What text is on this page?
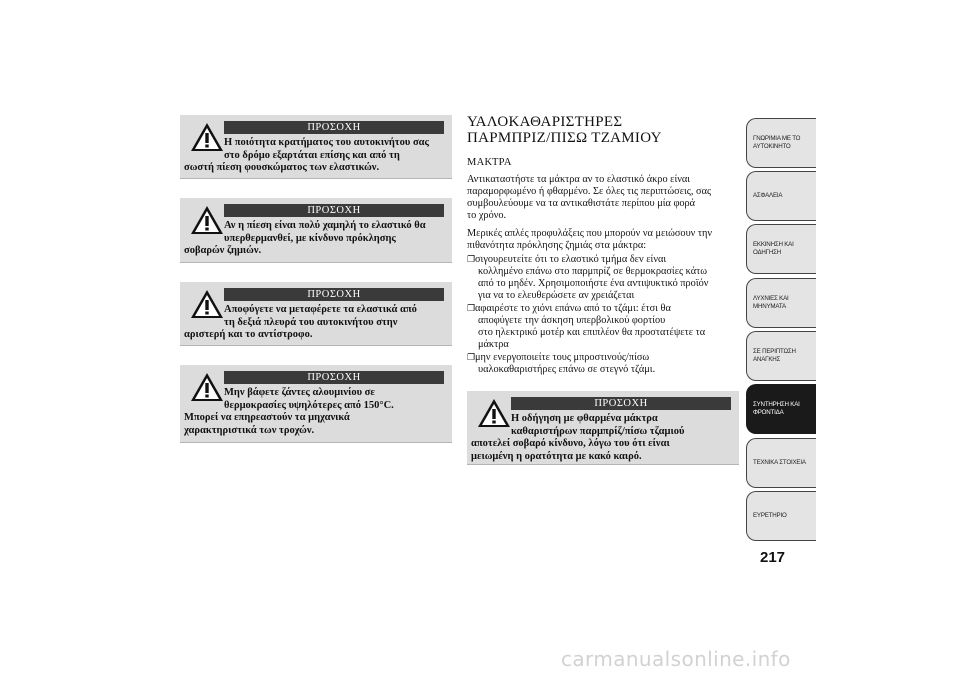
ΠΡΟΣΟΧΗ
Η ποιότητα κρατήματος του αυτοκινήτου σας
στο δρόμο εξαρτάται επίσης και από τη
σωστή πίεση φουσκώματος των ελαστικών.
ΠΡΟΣΟΧΗ
Αν η πίεση είναι πολύ χαμηλή το ελαστικό θα
υπερθερμανθεί, με κίνδυνο πρόκλησης
σοβαρών ζημιών.
ΠΡΟΣΟΧΗ
Αποφύγετε να μεταφέρετε τα ελαστικά από
τη δεξιά πλευρά του αυτοκινήτου στην
αριστερή και το αντίστροφο.
ΠΡΟΣΟΧΗ
Μην βάφετε ζάντες αλουμινίου σε
θερμοκρασίες υψηλότερες από 150°C.
Μπορεί να επηρεαστούν τα μηχανικά
χαρακτηριστικά των τροχών.
ΥΑΛΟΚΑΘΑΡΙΣΤΗΡΕΣ
ΠΑΡΜΠΡΙΖ/ΠΙΣΩ ΤΖΑΜΙΟΥ
ΜΑΚΤΡΑ
Αντικαταστήστε τα μάκτρα αν το ελαστικό άκρο είναι
παραμορφωμένο ή φθαρμένο. Σε όλες τις περιπτώσεις, σας
συμβουλεύουμε να τα αντικαθιστάτε περίπου μία φορά
το χρόνο.
Μερικές απλές προφυλάξεις που μπορούν να μειώσουν την
πιθανότητα πρόκλησης ζημιάς στα μάκτρα:
❐σιγουρευτείτε ότι το ελαστικό τμήμα δεν είναι
κολλημένο επάνω στο παρμπρίζ σε θερμοκρασίες κάτω
από το μηδέν. Χρησιμοποιήστε ένα αντιψυκτικό προϊόν
για να το ελευθερώσετε αν χρειάζεται
❐αφαιρέστε το χιόνι επάνω από το τζάμι: έτσι θα
αποφύγετε την άσκηση υπερβολικού φορτίου
στο ηλεκτρικό μοτέρ και επιπλέον θα προστατέψετε τα
μάκτρα
❐μην ενεργοποιείτε τους μπροστινούς/πίσω
υαλοκαθαριστήρες επάνω σε στεγνό τζάμι.
ΠΡΟΣΟΧΗ
Η οδήγηση με φθαρμένα μάκτρα
καθαριστήρων παρμπρίζ/πίσω τζαμιού
αποτελεί σοβαρό κίνδυνο, λόγω του ότι είναι
μειωμένη η ορατότητα με κακό καιρό.
ΓΝΩΡΙΜΙΑ ΜΕ ΤΟ
ΑΥΤΟΚΙΝΗΤΟ
ΑΣΦΑΛΕΙΑ
ΕΚΚΙΝΗΣΗ ΚΑΙ
ΟΔΗΓΗΣΗ
ΛΥΧΝΙΕΣ ΚΑΙ
ΜΗΝΥΜΑΤΑ
ΣΕ ΠΕΡΙΠΤΩΣΗ
ΑΝΑΓΚΗΣ
ΣΥΝΤΗΡΗΣΗ ΚΑΙ
ΦΡΟΝΤΙΔΑ
ΤΕΧΝΙΚΑ ΣΤΟΙΧΕΙΑ
ΕΥΡΕΤΗΡΙΟ
217
carmanualsonline.info
